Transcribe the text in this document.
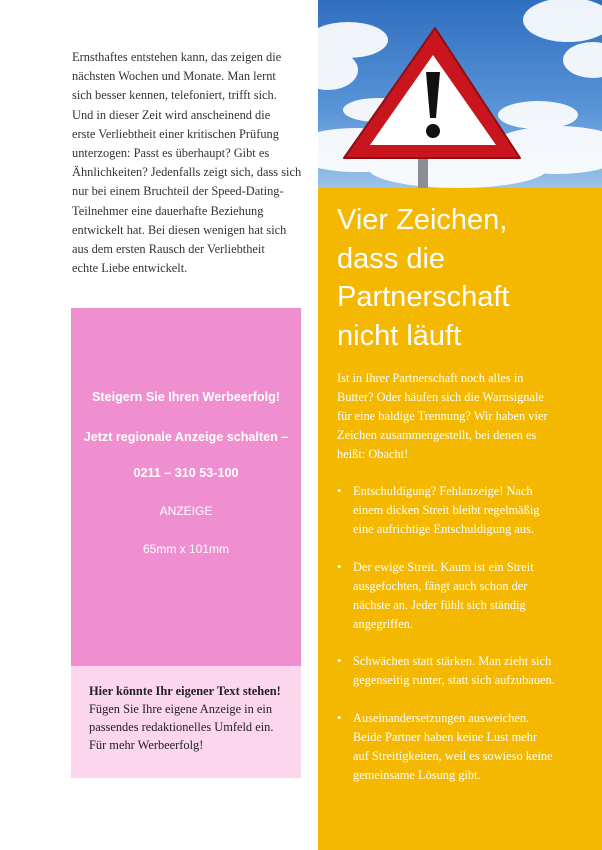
Ernsthaftes entstehen kann, das zeigen die
nächsten Wochen und Monate. Man lernt
sich besser kennen, telefoniert, trifft sich.
Und in dieser Zeit wird anscheinend die
erste Verliebtheit einer kritischen Prüfung
unterzogen: Passt es überhaupt? Gibt es
Ähnlichkeiten? Jedenfalls zeigt sich, dass sich
nur bei einem Bruchteil der Speed-Dating-
Teilnehmer eine dauerhafte Beziehung
entwickelt hat. Bei diesen wenigen hat sich
aus dem ersten Rausch der Verliebtheit
echte Liebe entwickelt.

Steigern Sie Ihren Werbeerfolg!

Jetzt regionale Anzeige schalten –

0211 – 310 53-100

ANZEIGE

65mm x 101mm

Hier könnte Ihr eigener Text stehen!

Fügen Sie Ihre eigene Anzeige in ein
passendes redaktionelles Umfeld ein.
Für mehr Werbeerfolg!

Vier Zeichen,
dass die
Partnerschaft
nicht läuft

Ist in Ihrer Partnerschaft noch alles in
Butter? Oder häufen sich die Warnsignale
für eine baldige Trennung? Wir haben vier
Zeichen zusammengestellt, bei denen es
heißt: Obacht!

• Entschuldigung? Fehlanzeige! Nach
einem dicken Streit bleibt regelmäßig
eine aufrichtige Entschuldigung aus.
• Der ewige Streit. Kaum ist ein Streit
ausgefochten, fängt auch schon der
nächste an. Jeder fühlt sich ständig
angegriffen.
• Schwächen statt stärken. Man zieht sich
gegenseitig runter, statt sich aufzubauen.
• Auseinandersetzungen ausweichen.
Beide Partner haben keine Lust mehr
auf Streitigkeiten, weil es sowieso keine
gemeinsame Lösung gibt.
